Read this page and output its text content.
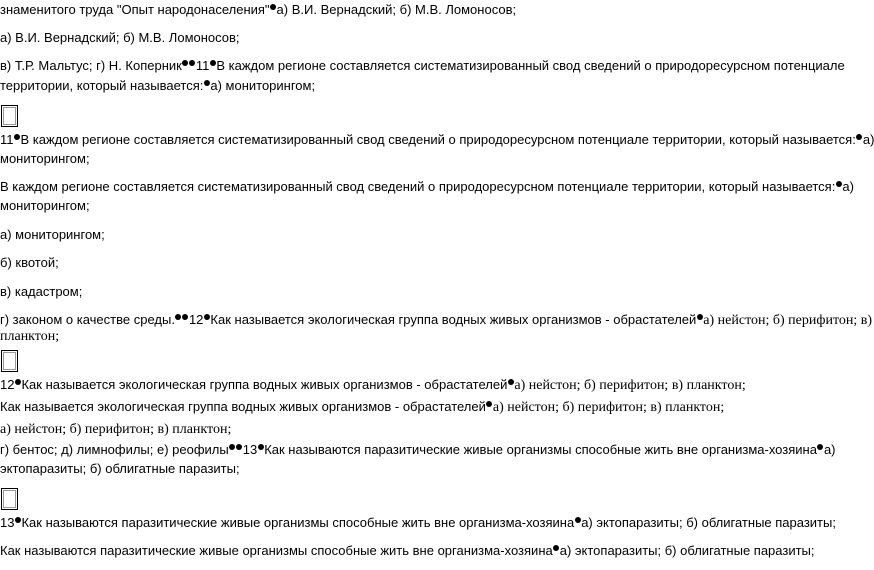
знаменитого труда "Опыт народонаселения" а) В.И. Вернадский; б) М.В. Ломоносов;
а) В.И. Вернадский; б) М.В. Ломоносов;
в) Т.Р. Мальтус; г) Н. Коперник 11 В каждом регионе составляется систематизированный свод сведений о природоресурсном потенциале
территории, который называется: а) мониторингом;
11 В каждом регионе составляется систематизированный свод сведений о природоресурсном потенциале территории, который называется: а)
мониторингом;
В каждом регионе составляется систематизированный свод сведений о природоресурсном потенциале территории, который называется: а)
мониторингом;
а) мониторингом;
б) квотой;
в) кадастром;
г) законом о качестве среды. 12 Как называется экологическая группа водных живых организмов - обрастателей а) нейстон; б) перифитон; в)
планктон;
12 Как называется экологическая группа водных живых организмов - обрастателей а) нейстон; б) перифитон; в) планктон;
Как называется экологическая группа водных живых организмов - обрастателей а) нейстон; б) перифитон; в) планктон;
а) нейстон; б) перифитон; в) планктон;
г) бентос; д) лимнофилы; е) реофилы 13 Как называются паразитические живые организмы способные жить вне организма-хозяина а)
эктопаразиты; б) облигатные паразиты;
13 Как называются паразитические живые организмы способные жить вне организма-хозяина а) эктопаразиты; б) облигатные паразиты;
Как называются паразитические живые организмы способные жить вне организма-хозяина а) эктопаразиты; б) облигатные паразиты;
